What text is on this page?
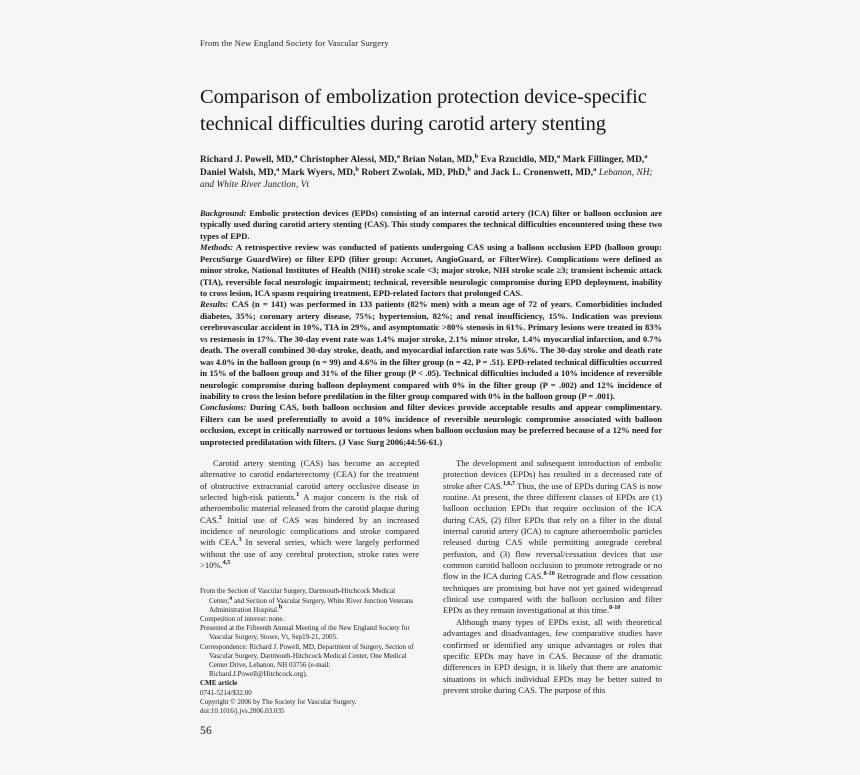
From the New England Society for Vascular Surgery
Comparison of embolization protection device-specific technical difficulties during carotid artery stenting
Richard J. Powell, MD,$^a$ Christopher Alessi, MD,$^a$ Brian Nolan, MD,$^b$ Eva Rzucidlo, MD,$^a$ Mark Fillinger, MD,$^a$ Daniel Walsh, MD,$^a$ Mark Wyers, MD,$^b$ Robert Zwolak, MD, PhD,$^b$ and Jack L. Cronenwett, MD,$^a$ Lebanon, NH; and White River Junction, Vt

Background: Embolic protection devices (EPDs) consisting of an internal carotid artery (ICA) filter or balloon occlusion are typically used during carotid artery stenting (CAS). This study compares the technical difficulties encountered using these two types of EPD.

Methods: A retrospective review was conducted of patients undergoing CAS using a balloon occlusion EPD (balloon group: PercuSurge GuardWire) or filter EPD (filter group: Accunet, AngioGuard, or FilterWire). Complications were defined as minor stroke, National Institutes of Health (NIH) stroke scale <3; major stroke, NIH stroke scale ≥3; transient ischemic attack (TIA), reversible focal neurologic impairment; technical, reversible neurologic compromise during EPD deployment, inability to cross lesion, ICA spasm requiring treatment, EPD-related factors that prolonged CAS.

Results: CAS (n = 141) was performed in 133 patients (82% men) with a mean age of 72 of years. Comorbidities included diabetes, 35%; coronary artery disease, 75%; hypertension, 82%; and renal insufficiency, 15%. Indication was previous cerebrovascular accident in 10%, TIA in 29%, and asymptomatic >80% stenosis in 61%. Primary lesions were treated in 83% vs restenosis in 17%. The 30-day event rate was 1.4% major stroke, 2.1% minor stroke, 1.4% myocardial infarction, and 0.7% death. The overall combined 30-day stroke, death, and myocardial infarction rate was 5.6%. The 30-day stroke and death rate was 4.0% in the balloon group (n = 99) and 4.6% in the filter group (n = 42, P = .51). EPD-related technical difficulties occurred in 15% of the balloon group and 31% of the filter group (P < .05). Technical difficulties included a 10% incidence of reversible neurologic compromise during balloon deployment compared with 0% in the filter group (P = .002) and 12% incidence of inability to cross the lesion before predilation in the filter group compared with 0% in the balloon group (P = .001).

Conclusions: During CAS, both balloon occlusion and filter devices provide acceptable results and appear complimentary. Filters can be used preferentially to avoid a 10% incidence of reversible neurologic compromise associated with balloon occlusion, except in critically narrowed or tortuous lesions when balloon occlusion may be preferred because of a 12% need for unprotected predilatation with filters. (J Vasc Surg 2006;44:56-61.)

Carotid artery stenting (CAS) has become an accepted alternative to carotid endarterectomy (CEA) for the treatment of obstructive extracranial carotid artery occlusive disease in selected high-risk patients.$^1$ A major concern is the risk of atheroembolic material released from the carotid plaque during CAS.$^2$ Initial use of CAS was hindered by an increased incidence of neurologic complications and stroke compared with CEA.$^3$ In several series, which were largely performed without the use of any cerebral protection, stroke rates were >10%.$^{4,5}$

From the Section of Vascular Surgery, Dartmouth-Hitchcock Medical Center,$^a$ and Section of Vascular Surgery, White River Junction Veterans Administration Hospital.$^b$

Competition of interest: none.

Presented at the Fifteenth Annual Meeting of the New England Society for Vascular Surgery, Stowe, Vt, Sep19-21, 2005.

Correspondence: Richard J. Powell, MD, Department of Surgery, Section of Vascular Surgery, Dartmouth-Hitchcock Medical Center, One Medical Center Drive, Lebanon, NH 03756 (e-mail: Richard.J.Powell@Hitchcock.org).

CME article

0741-5214/$32.00

Copyright © 2006 by The Society for Vascular Surgery.

doi:10.1016/j.jvs.2006.03.035

56

The development and subsequent introduction of embolic protection devices (EPDs) has resulted in a decreased rate of stroke after CAS.$^{1,6,7}$ Thus, the use of EPDs during CAS is now routine. At present, the three different classes of EPDs are (1) balloon occlusion EPDs that require occlusion of the ICA during CAS, (2) filter EPDs that rely on a filter in the distal internal carotid artery (ICA) to capture atheroembolic particles released during CAS while permitting antegrade cerebral perfusion, and (3) flow reversal/cessation devices that use common carotid balloon occlusion to promote retrograde or no flow in the ICA during CAS.$^{8-10}$ Retrograde and flow cessation techniques are promising but have not yet gained widespread clinical use compared with the balloon occlusion and filter EPDs as they remain investigational at this time.$^{8-10}$

Although many types of EPDs exist, all with theoretical advantages and disadvantages, few comparative studies have confirmed or identified any unique advantages or roles that specific EPDs may have in CAS. Because of the dramatic differences in EPD design, it is likely that there are anatomic situations in which individual EPDs may be better suited to prevent stroke during CAS. The purpose of this
